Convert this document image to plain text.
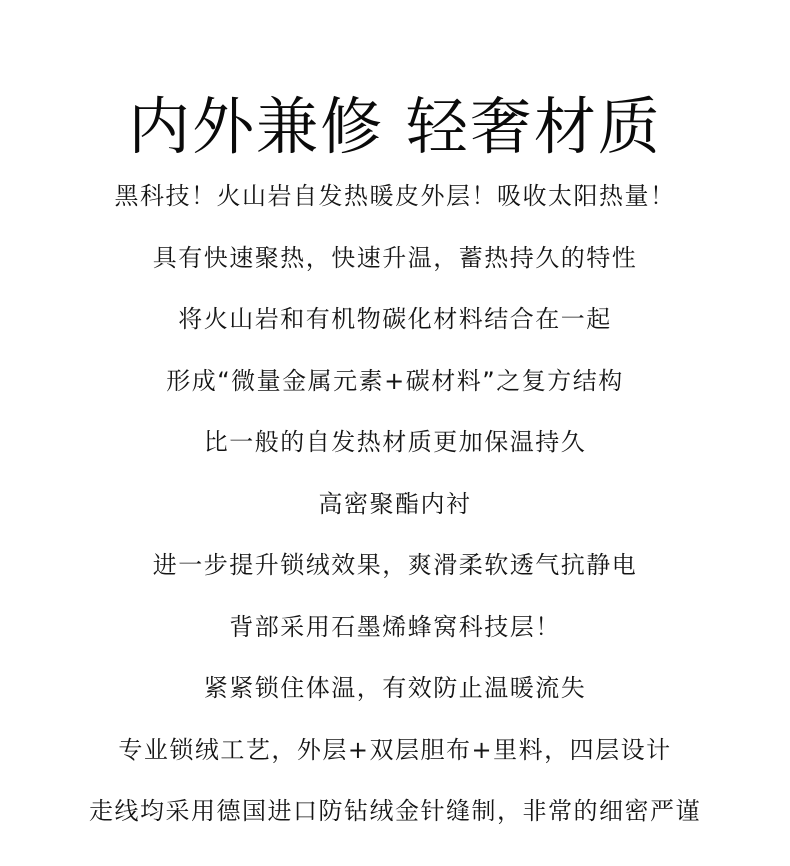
内外兼修 轻奢材质
黑科技！火山岩自发热暖皮外层！吸收太阳热量！
具有快速聚热，快速升温，蓄热持久的特性
将火山岩和有机物碳化材料结合在一起
形成“微量金属元素+碳材料”之复方结构
比一般的自发热材质更加保温持久
高密聚酯内衬
进一步提升锁绒效果，爽滑柔软透气抗静电
背部采用石墨烯蜂窝科技层！
紧紧锁住体温，有效防止温暖流失
专业锁绒工艺，外层+双层胆布+里料，四层设计
走线均采用德国进口防钻绒金针缝制，非常的细密严谨
